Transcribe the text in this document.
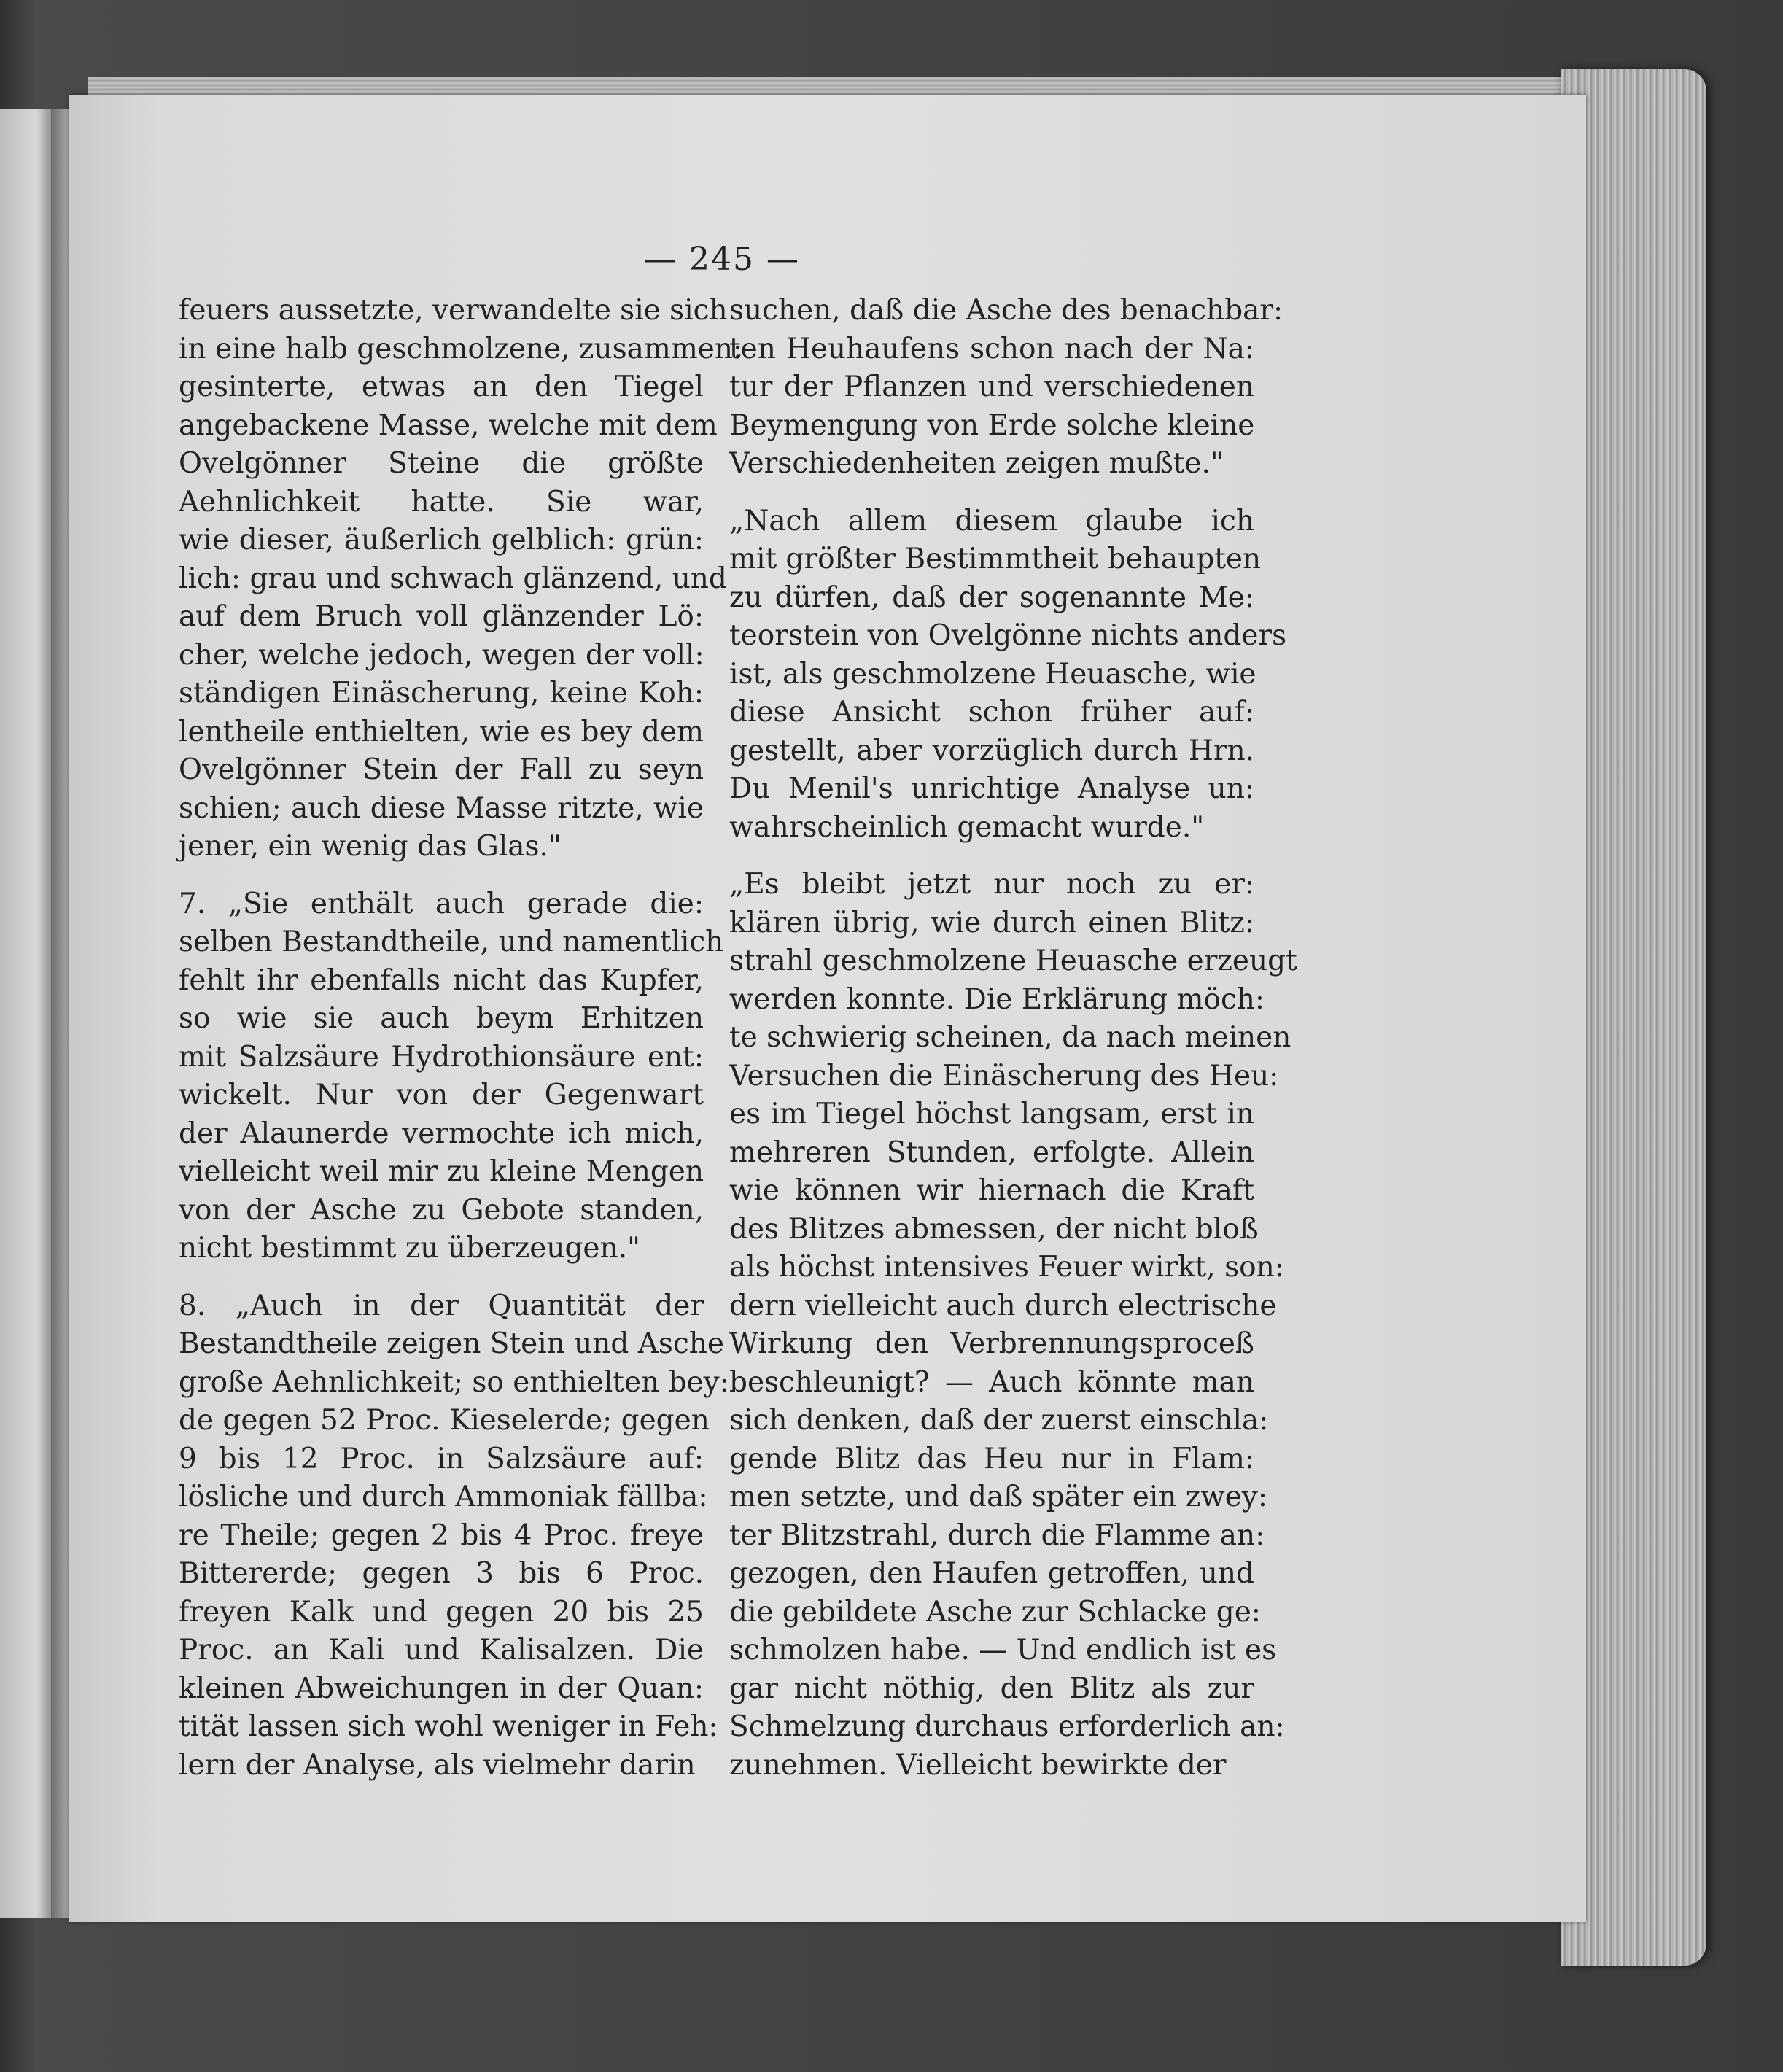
— 245 —
feuers aussetzte, verwandelte sie sich
in eine halb geschmolzene, zusammen:
gesinterte, etwas an den Tiegel
angebackene Masse, welche mit dem
Ovelgönner Steine die größte
Aehnlichkeit hatte. Sie war,
wie dieser, äußerlich gelblich: grün:
lich: grau und schwach glänzend, und
auf dem Bruch voll glänzender Lö:
cher, welche jedoch, wegen der voll:
ständigen Einäscherung, keine Koh:
lentheile enthielten, wie es bey dem
Ovelgönner Stein der Fall zu seyn
schien; auch diese Masse ritzte, wie
jener, ein wenig das Glas."
7. „Sie enthält auch gerade die:
selben Bestandtheile, und namentlich
fehlt ihr ebenfalls nicht das Kupfer,
so wie sie auch beym Erhitzen
mit Salzsäure Hydrothionsäure ent:
wickelt. Nur von der Gegenwart
der Alaunerde vermochte ich mich,
vielleicht weil mir zu kleine Mengen
von der Asche zu Gebote standen,
nicht bestimmt zu überzeugen."
8. „Auch in der Quantität der
Bestandtheile zeigen Stein und Asche
große Aehnlichkeit; so enthielten bey:
de gegen 52 Proc. Kieselerde; gegen
9 bis 12 Proc. in Salzsäure auf:
lösliche und durch Ammoniak fällba:
re Theile; gegen 2 bis 4 Proc. freye
Bittererde; gegen 3 bis 6 Proc.
freyen Kalk und gegen 20 bis 25
Proc. an Kali und Kalisalzen. Die
kleinen Abweichungen in der Quan:
tität lassen sich wohl weniger in Feh:
lern der Analyse, als vielmehr darin
suchen, daß die Asche des benachbar:
ten Heuhaufens schon nach der Na:
tur der Pflanzen und verschiedenen
Beymengung von Erde solche kleine
Verschiedenheiten zeigen mußte."
„Nach allem diesem glaube ich
mit größter Bestimmtheit behaupten
zu dürfen, daß der sogenannte Me:
teorstein von Ovelgönne nichts anders
ist, als geschmolzene Heuasche, wie
diese Ansicht schon früher auf:
gestellt, aber vorzüglich durch Hrn.
Du Menil's unrichtige Analyse un:
wahrscheinlich gemacht wurde."
„Es bleibt jetzt nur noch zu er:
klären übrig, wie durch einen Blitz:
strahl geschmolzene Heuasche erzeugt
werden konnte. Die Erklärung möch:
te schwierig scheinen, da nach meinen
Versuchen die Einäscherung des Heu:
es im Tiegel höchst langsam, erst in
mehreren Stunden, erfolgte. Allein
wie können wir hiernach die Kraft
des Blitzes abmessen, der nicht bloß
als höchst intensives Feuer wirkt, son:
dern vielleicht auch durch electrische
Wirkung den Verbrennungsproceß
beschleunigt? — Auch könnte man
sich denken, daß der zuerst einschla:
gende Blitz das Heu nur in Flam:
men setzte, und daß später ein zwey:
ter Blitzstrahl, durch die Flamme an:
gezogen, den Haufen getroffen, und
die gebildete Asche zur Schlacke ge:
schmolzen habe. — Und endlich ist es
gar nicht nöthig, den Blitz als zur
Schmelzung durchaus erforderlich an:
zunehmen. Vielleicht bewirkte der
